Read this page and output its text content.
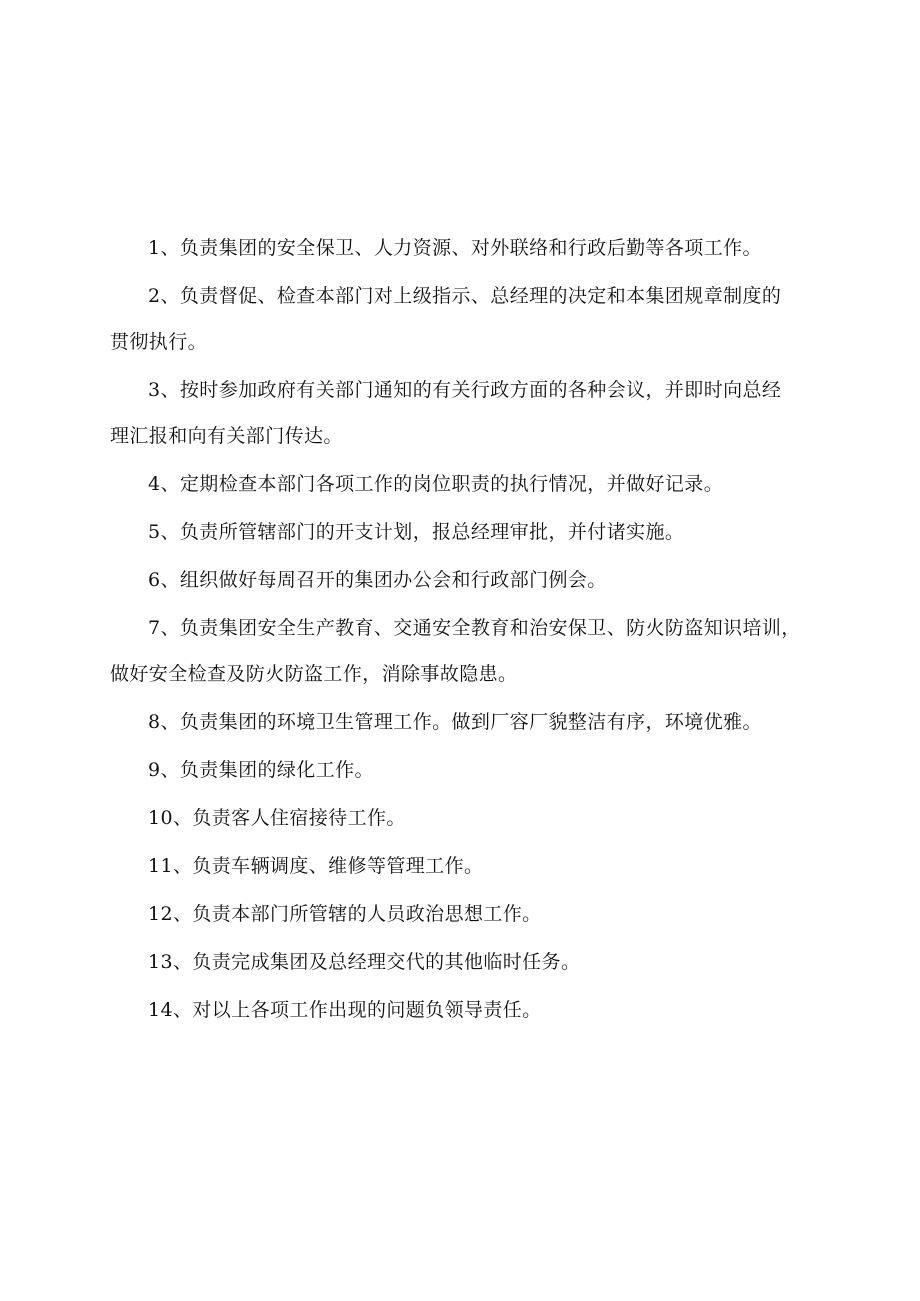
1、负责集团的安全保卫、人力资源、对外联络和行政后勤等各项工作。

2、负责督促、检查本部门对上级指示、总经理的决定和本集团规章制度的
贯彻执行。

3、按时参加政府有关部门通知的有关行政方面的各种会议，并即时向总经
理汇报和向有关部门传达。

4、定期检查本部门各项工作的岗位职责的执行情况，并做好记录。

5、负责所管辖部门的开支计划，报总经理审批，并付诸实施。

6、组织做好每周召开的集团办公会和行政部门例会。

7、负责集团安全生产教育、交通安全教育和治安保卫、防火防盗知识培训，
做好安全检查及防火防盗工作，消除事故隐患。

8、负责集团的环境卫生管理工作。做到厂容厂貌整洁有序，环境优雅。

9、负责集团的绿化工作。

10、负责客人住宿接待工作。

11、负责车辆调度、维修等管理工作。

12、负责本部门所管辖的人员政治思想工作。

13、负责完成集团及总经理交代的其他临时任务。

14、对以上各项工作出现的问题负领导责任。
